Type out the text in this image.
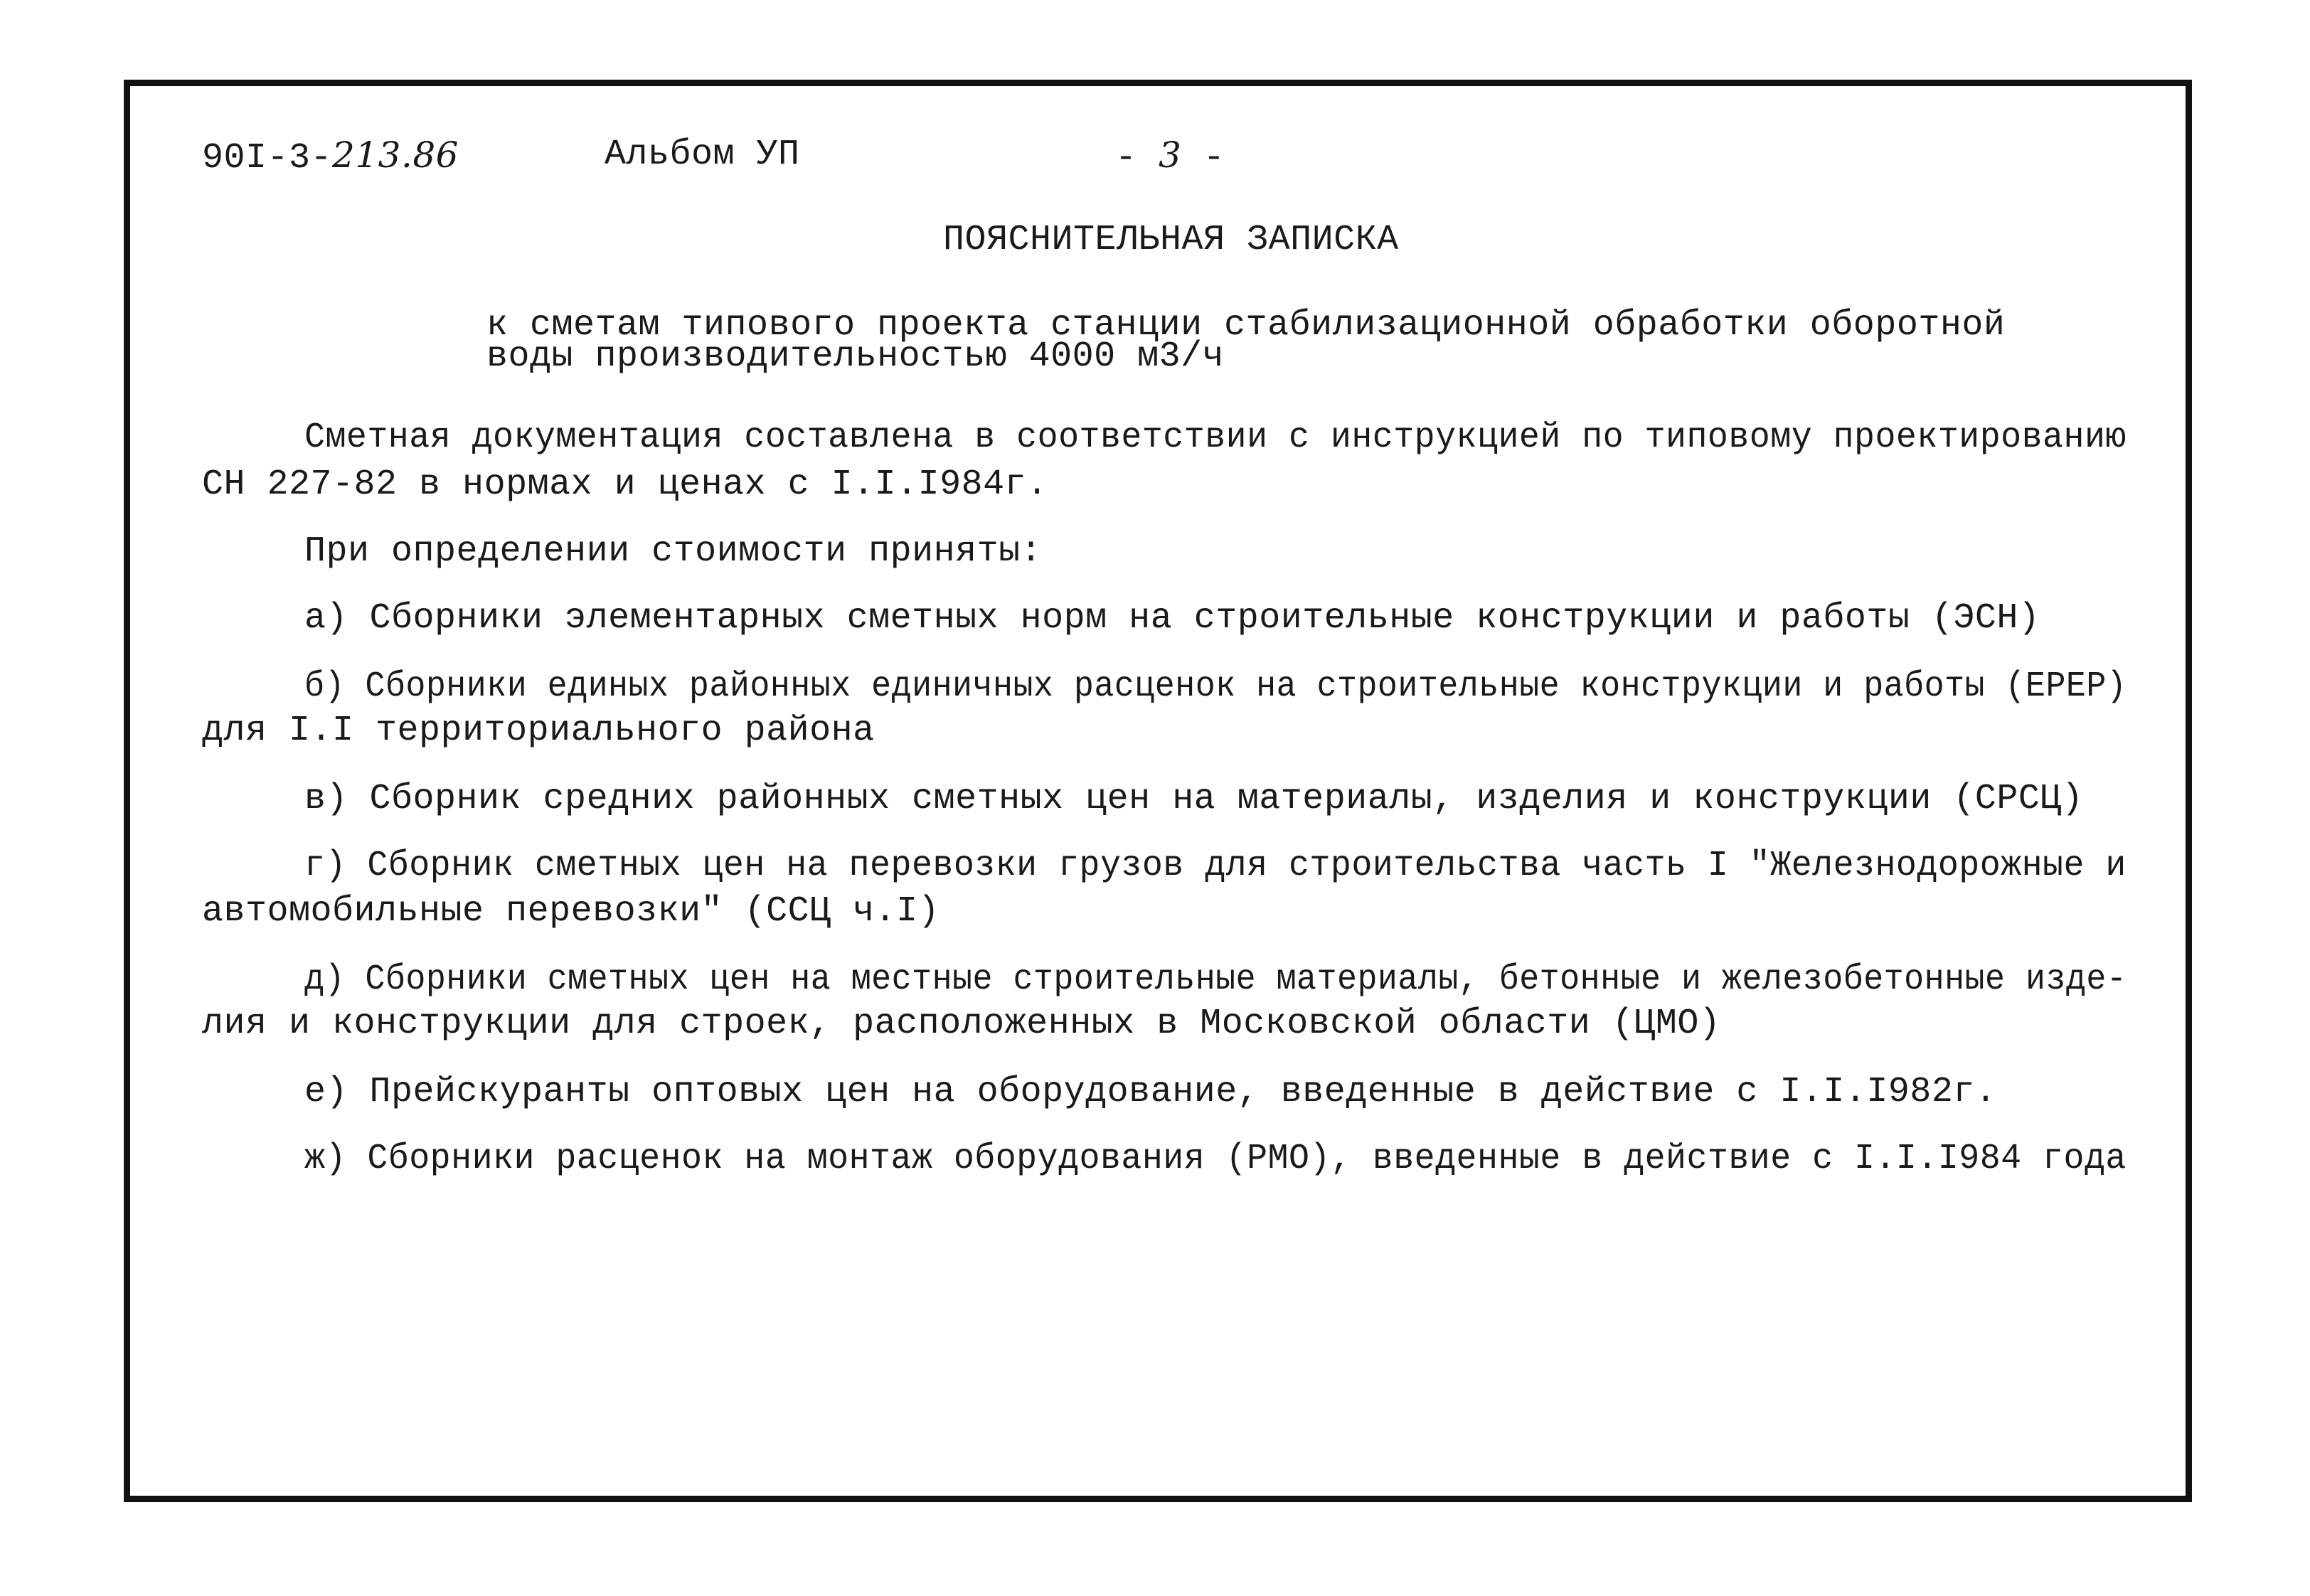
90I-3-213.86	Альбом УП	- 3 -
ПОЯСНИТЕЛЬНАЯ ЗАПИСКА
к сметам типового проекта станции стабилизационной обработки оборотной
воды производительностью 4000 м3/ч
Сметная документация составлена в соответствии с инструкцией по типовому проектированию
СН 227-82 в нормах и ценах с I.I.I984г.
При определении стоимости приняты:
а) Сборники элементарных сметных норм на строительные конструкции и работы (ЭСН)
б) Сборники единых районных единичных расценок на строительные конструкции и работы (ЕРЕР)
для I.I территориального района
в) Сборник средних районных сметных цен на материалы, изделия и конструкции (СРСЦ)
г) Сборник сметных цен на перевозки грузов для строительства часть I "Железнодорожные и
автомобильные перевозки" (ССЦ ч.I)
д) Сборники сметных цен на местные строительные материалы, бетонные и железобетонные изде-
лия и конструкции для строек, расположенных в Московской области (ЦМО)
е) Прейскуранты оптовых цен на оборудование, введенные в действие с I.I.I982г.
ж) Сборники расценок на монтаж оборудования (РМО), введенные в действие с I.I.I984 года
